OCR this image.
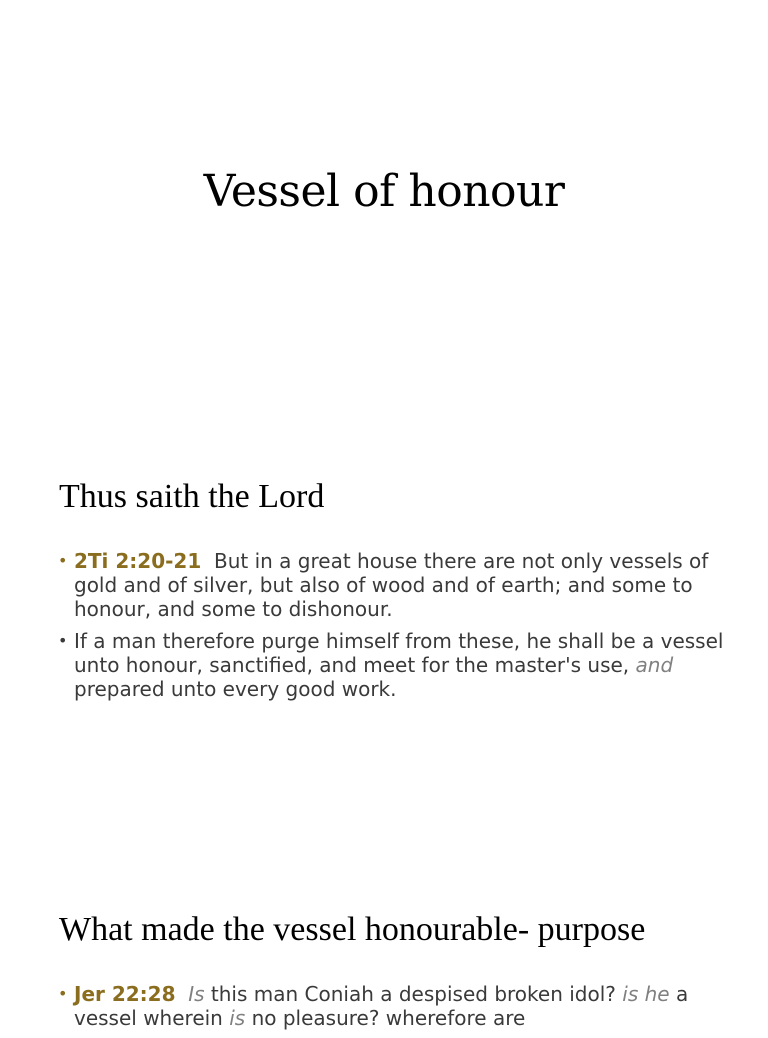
Vessel of honour
Thus saith the Lord
• 2Ti 2:20-21 But in a great house there are not only vessels of gold and of silver, but also of wood and of earth; and some to honour, and some to dishonour.
• If a man therefore purge himself from these, he shall be a vessel unto honour, sanctified, and meet for the master's use, and prepared unto every good work.
What made the vessel honourable- purpose
• Jer 22:28 Is this man Coniah a despised broken idol? is he a vessel wherein is no pleasure? wherefore are
